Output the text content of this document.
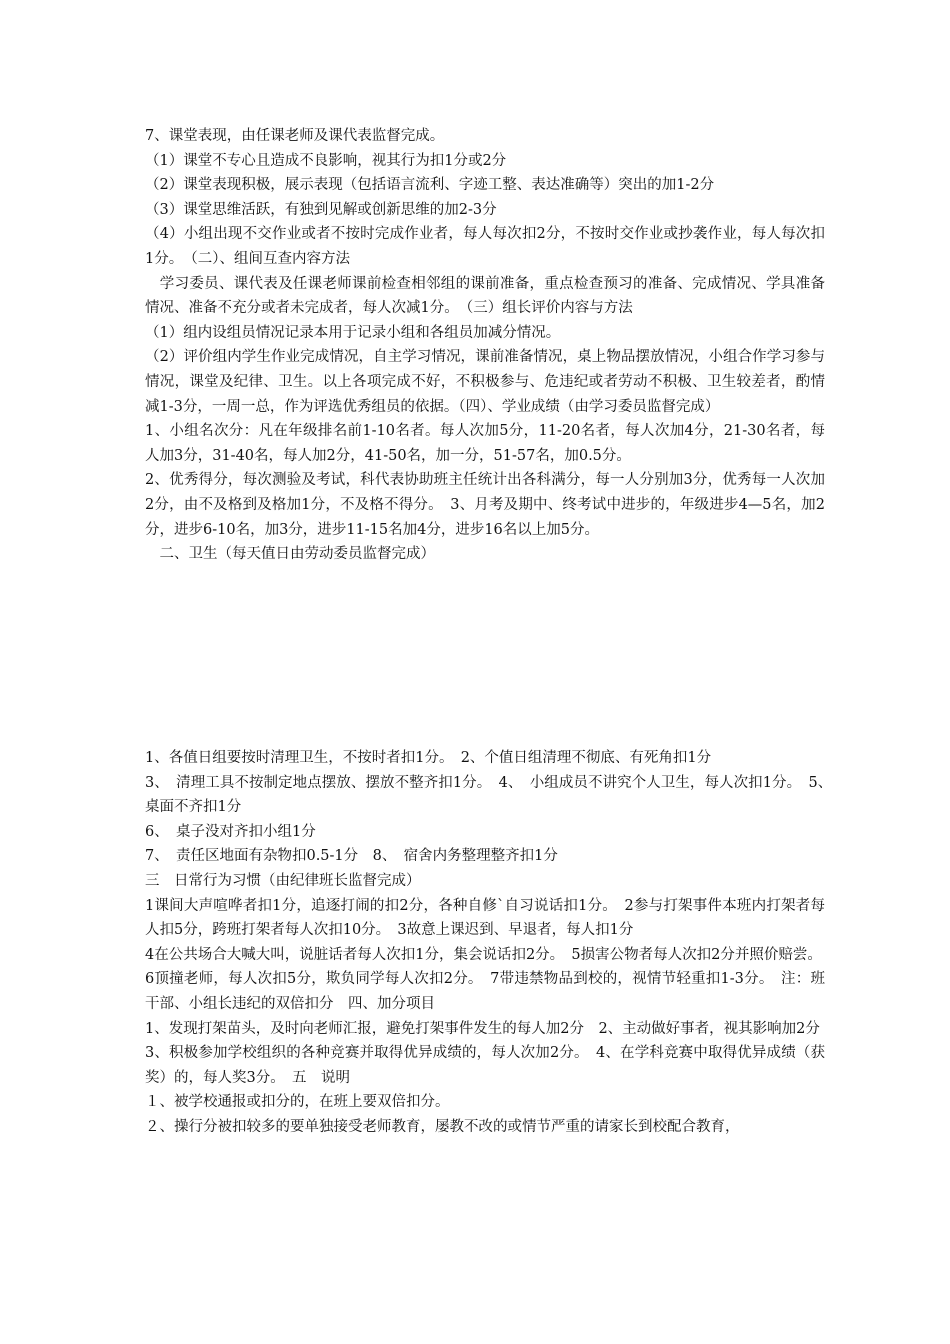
7、课堂表现，由任课老师及课代表监督完成。

（1）课堂不专心且造成不良影响，视其行为扣1分或2分

（2）课堂表现积极，展示表现（包括语言流利、字迹工整、表达准确等）突出的加1-2分

（3）课堂思维活跃，有独到见解或创新思维的加2-3分

（4）小组出现不交作业或者不按时完成作业者，每人每次扣2分，不按时交作业或抄袭作业，每人每次扣1分。　（二）、组间互查内容方法

　学习委员、课代表及任课老师课前检查相邻组的课前准备，重点检查预习的准备、完成情况、学具准备情况、准备不充分或者未完成者，每人次减1分。　（三）组长评价内容与方法

（1）组内设组员情况记录本用于记录小组和各组员加减分情况。

（2）评价组内学生作业完成情况，自主学习情况，课前准备情况，桌上物品摆放情况，小组合作学习参与情况，课堂及纪律、卫生。以上各项完成不好，不积极参与、危违纪或者劳动不积极、卫生较差者，酌情减1-3分，一周一总，作为评选优秀组员的依据。（四）、学业成绩（由学习委员监督完成）

1、小组名次分：凡在年级排名前1-10名者。每人次加5分，11-20名者，每人次加4分，21-30名者，每人加3分，31-40名，每人加2分，41-50名，加一分，51-57名，加0.5分。

2、优秀得分，每次测验及考试，科代表协助班主任统计出各科满分，每一人分别加3分，优秀每一人次加2分，由不及格到及格加1分，不及格不得分。　3、月考及期中、终考试中进步的，年级进步4—5名，加2分，进步6-10名，加3分，进步11-15名加4分，进步16名以上加5分。

　二、卫生（每天值日由劳动委员监督完成）

1、各值日组要按时清理卫生，不按时者扣1分。　2、个值日组清理不彻底、有死角扣1分

3、　清理工具不按制定地点摆放、摆放不整齐扣1分。　4、　小组成员不讲究个人卫生，每人次扣1分。　5、　桌面不齐扣1分

6、　桌子没对齐扣小组1分

7、　责任区地面有杂物扣0.5-1分　8、　宿舍内务整理整齐扣1分

三　日常行为习惯（由纪律班长监督完成）

1课间大声喧哗者扣1分，追逐打闹的扣2分，各种自修`自习说话扣1分。　2参与打架事件本班内打架者每人扣5分，跨班打架者每人次扣10分。　3故意上课迟到、早退者，每人扣1分

4在公共场合大喊大叫，说脏话者每人次扣1分，集会说话扣2分。　5损害公物者每人次扣2分并照价赔尝。

6顶撞老师，每人次扣5分，欺负同学每人次扣2分。　7带违禁物品到校的，视情节轻重扣1-3分。　注：班干部、小组长违纪的双倍扣分　四、加分项目

1、发现打架苗头，及时向老师汇报，避免打架事件发生的每人加2分　2、主动做好事者，视其影响加2分

3、积极参加学校组织的各种竞赛并取得优异成绩的，每人次加2分。　4、在学科竞赛中取得优异成绩（获奖）的，每人奖3分。　五　说明

１、被学校通报或扣分的，在班上要双倍扣分。

２、操行分被扣较多的要单独接受老师教育，屡教不改的或情节严重的请家长到校配合教育，
